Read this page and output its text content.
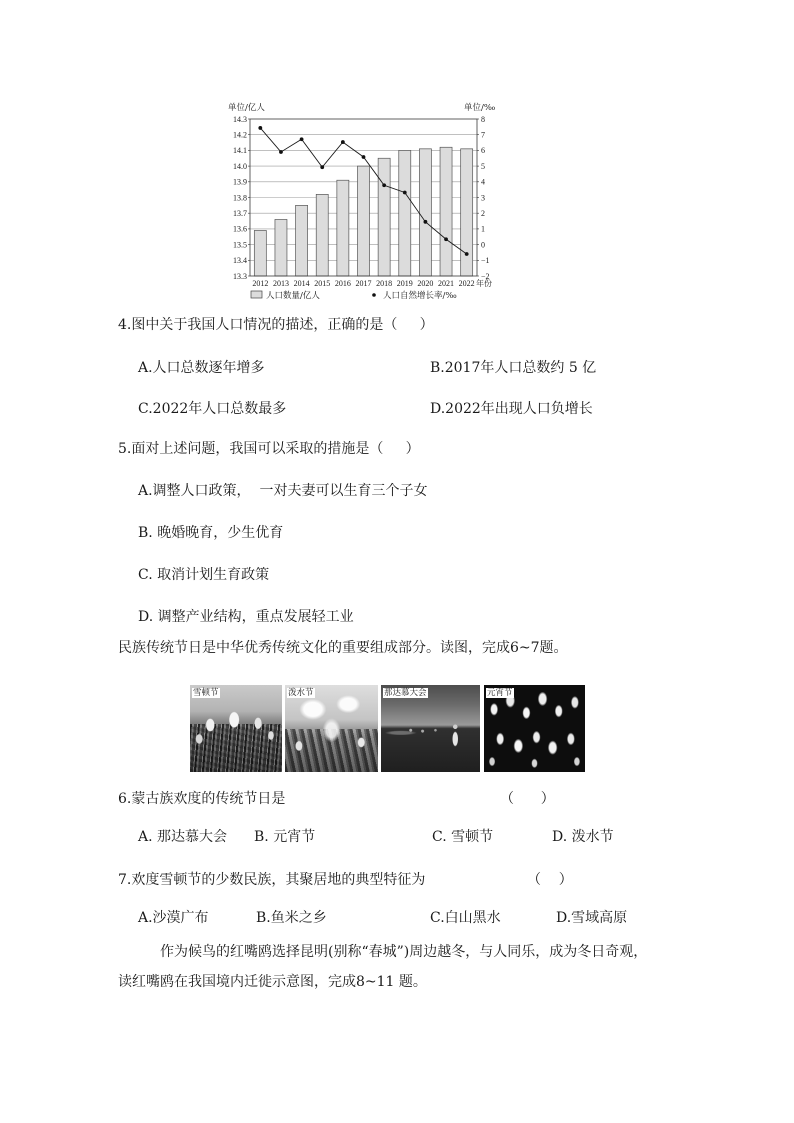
13.3
13.4
13.5
13.6
13.7
13.8
13.9
14.0
14.1
14.2
14.3
−2
−1
0
1
2
3
4
5
6
7
8
2012 2013 2014 2015 2016 2017 2018 2019 2020 2021 2022
单位/亿人	单位/‰
年份
人口数量/亿人	人口自然增长率/‰
4.图中关于我国人口情况的描述，正确的是（     ）
A.人口总数逐年增多	B.2017年人口总数约 5 亿
C.2022年人口总数最多	D.2022年出现人口负增长
5.面对上述问题，我国可以采取的措施是（     ）
A.调整人口政策，  一对夫妻可以生育三个子女
B. 晚婚晚育，少生优育
C. 取消计划生育政策
D. 调整产业结构，重点发展轻工业
民族传统节日是中华优秀传统文化的重要组成部分。读图，完成6~7题。
雪顿节	泼水节	那达慕大会	元宵节
6.蒙古族欢度的传统节日是	（      ）
A. 那达慕大会 B. 元宵节	C. 雪顿节	D. 泼水节
7.欢度雪顿节的少数民族，其聚居地的典型特征为	（    ）
A.沙漠广布	B.鱼米之乡	C.白山黑水	D.雪域高原
作为候鸟的红嘴鸥选择昆明(别称“春城”)周边越冬，与人同乐，成为冬日奇观，
读红嘴鸥在我国境内迁徙示意图，完成8~11 题。
